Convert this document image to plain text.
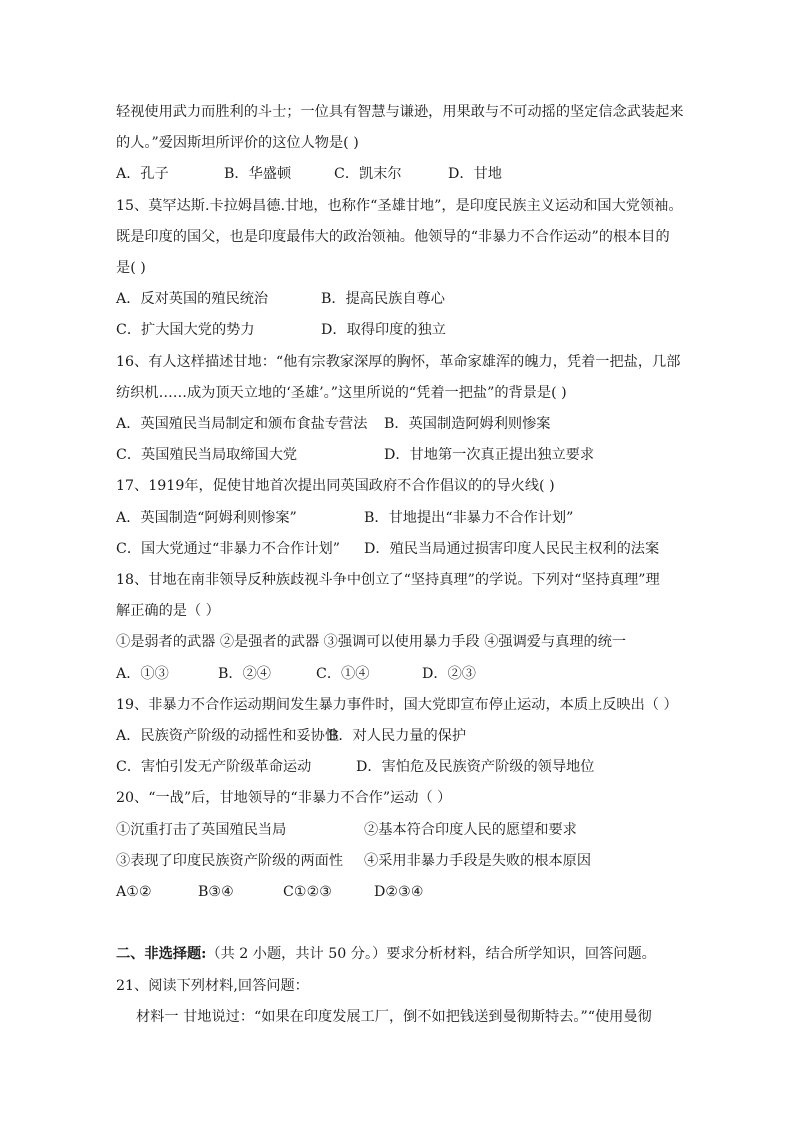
轻视使用武力而胜利的斗士；一位具有智慧与谦逊，用果敢与不可动摇的坚定信念武装起来
的人。”爱因斯坦所评价的这位人物是( )
A．孔子	B．华盛顿	C．凯末尔	D．甘地
15、莫罕达斯.卡拉姆昌德.甘地，也称作“圣雄甘地”，是印度民族主义运动和国大党领袖。
既是印度的国父，也是印度最伟大的政治领袖。他领导的“非暴力不合作运动”的根本目的
是( )
A．反对英国的殖民统治	B．提高民族自尊心
C．扩大国大党的势力	D．取得印度的独立
16、有人这样描述甘地：“他有宗教家深厚的胸怀，革命家雄浑的魄力，凭着一把盐，几部
纺织机……成为顶天立地的‘圣雄’。”这里所说的“凭着一把盐”的背景是( )
A．英国殖民当局制定和颁布食盐专营法 B．英国制造阿姆利则惨案
C．英国殖民当局取缔国大党	D．甘地第一次真正提出独立要求
17、1919年，促使甘地首次提出同英国政府不合作倡议的的导火线( )
A．英国制造“阿姆利则惨案”	B．甘地提出“非暴力不合作计划”
C．国大党通过“非暴力不合作计划” D．殖民当局通过损害印度人民民主权利的法案
18、甘地在南非领导反种族歧视斗争中创立了“坚持真理”的学说。下列对“坚持真理”理
解正确的是（ ）
①是弱者的武器 ②是强者的武器 ③强调可以使用暴力手段 ④强调爱与真理的统一
A．①③	B．②④	C．①④	D．②③
19、非暴力不合作运动期间发生暴力事件时，国大党即宣布停止运动，本质上反映出（ ）
A．民族资产阶级的动摇性和妥协性B．对人民力量的保护
C．害怕引发无产阶级革命运动	D．害怕危及民族资产阶级的领导地位
20、“一战”后，甘地领导的“非暴力不合作”运动（ ）
①沉重打击了英国殖民当局	②基本符合印度人民的愿望和要求
③表现了印度民族资产阶级的两面性 ④采用非暴力手段是失败的根本原因
A①②	B③④	C①②③	D②③④
二、非选择题:（共 2 小题，共计 50 分。）要求分析材料，结合所学知识，回答问题。
21、阅读下列材料,回答问题：
材料一 甘地说过：“如果在印度发展工厂，倒不如把钱送到曼彻斯特去。”“使用曼彻
